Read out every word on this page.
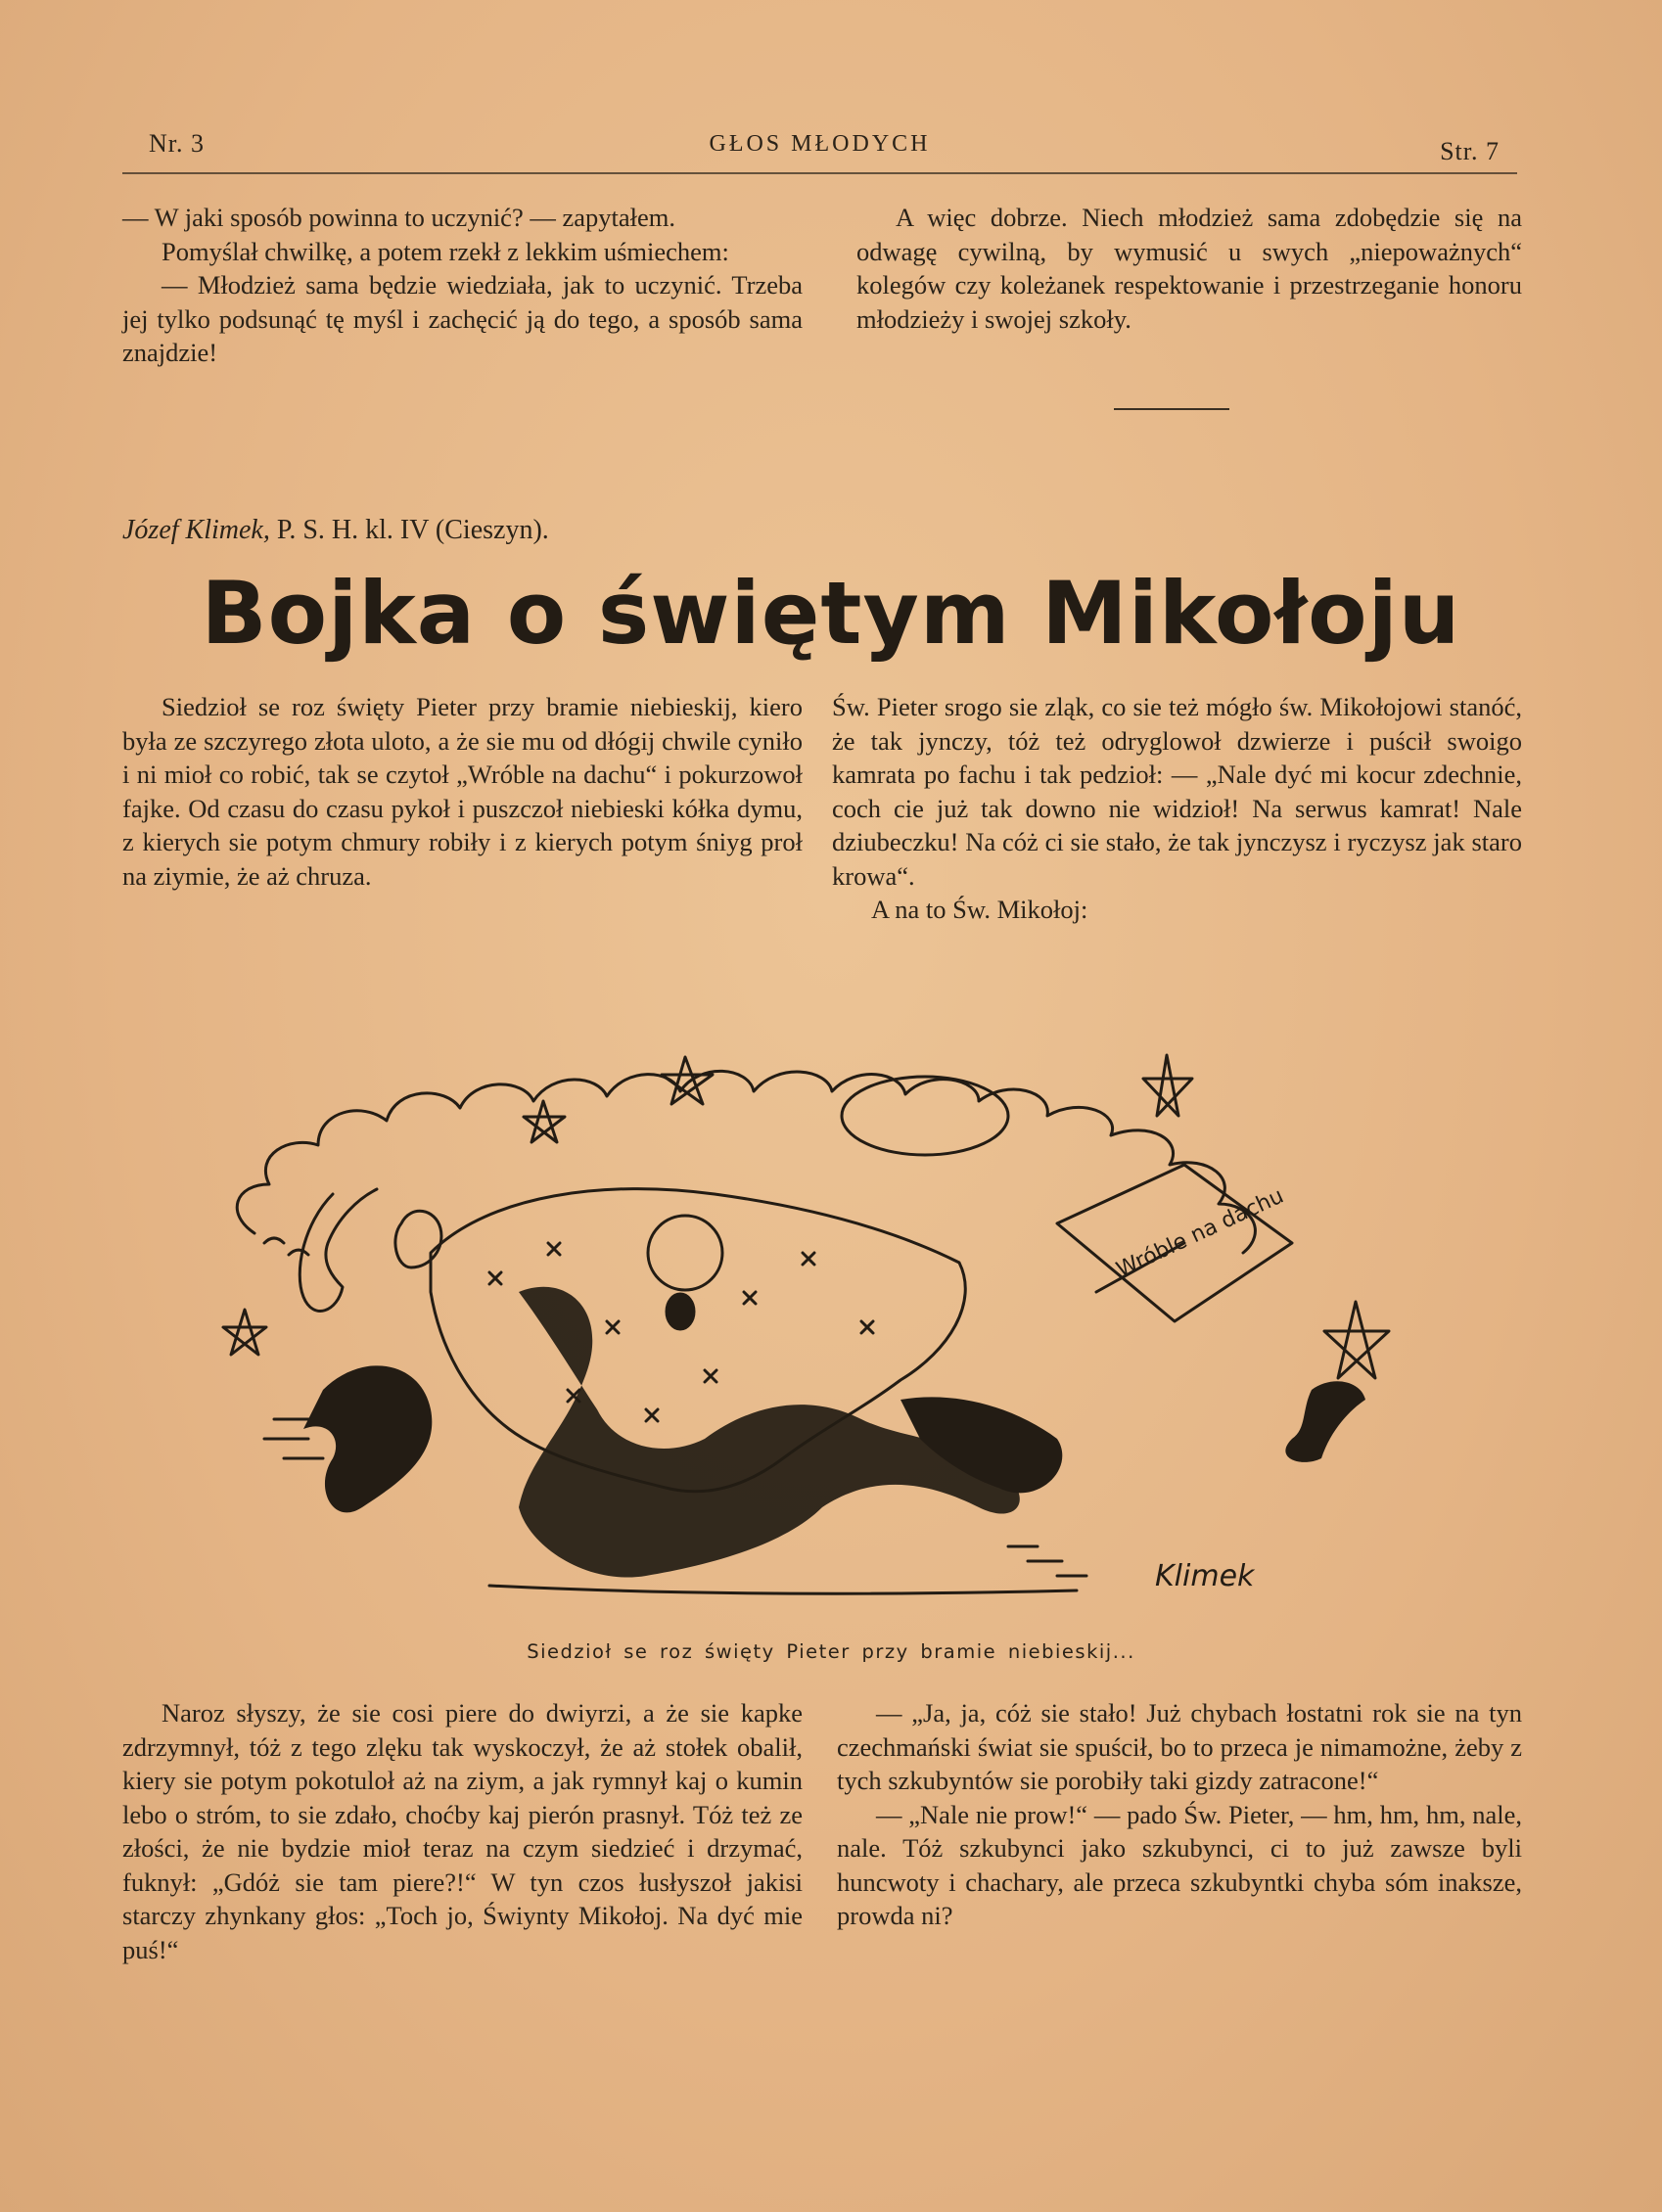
Nr. 3	GŁOS MŁODYCH	Str. 7

— W jaki sposób powinna to uczynić? — zapytałem.

Pomyślał chwilkę, a potem rzekł z lekkim uśmiechem:

— Młodzież sama będzie wiedziała, jak to uczynić. Trzeba jej tylko podsunąć tę myśl i zachęcić ją do tego, a sposób sama znajdzie!

A więc dobrze. Niech młodzież sama zdobędzie się na odwagę cywilną, by wymusić u swych „niepoważnych“ kolegów czy koleżanek respektowanie i przestrzeganie honoru młodzieży i swojej szkoły.

Józef Klimek, P. S. H. kl. IV (Cieszyn).
Bojka o świętym Mikołoju

Siedzioł se roz święty Pieter przy bramie niebieskij, kiero była ze szczyrego złota uloto, a że sie mu od dłógij chwile cyniło i ni mioł co robić, tak se czytoł „Wróble na dachu“ i pokurzowoł fajke. Od czasu do czasu pykoł i puszczoł niebieski kółka dymu, z kierych sie potym chmury robiły i z kierych potym śniyg proł na ziymie, że aż chruza.

Św. Pieter srogo sie zląk, co sie też mógło św. Mikołojowi stanóć, że tak jynczy, tóż też odryglowoł dzwierze i puścił swoigo kamrata po fachu i tak pedzioł: — „Nale dyć mi kocur zdechnie, coch cie już tak downo nie widzioł! Na serwus kamrat! Nale dziubeczku! Na cóż ci sie stało, że tak jynczysz i ryczysz jak staro krowa“.

A na to Św. Mikołoj:

Wróble na dachu
Klimek
Siedzioł se roz święty Pieter przy bramie niebieskij...

Naroz słyszy, że sie cosi piere do dwiyrzi, a że sie kapke zdrzymnył, tóż z tego zlęku tak wyskoczył, że aż stołek obalił, kiery sie potym pokotuloł aż na ziym, a jak rymnył kaj o kumin lebo o stróm, to sie zdało, choćby kaj pierón prasnył. Tóż też ze złości, że nie bydzie mioł teraz na czym siedzieć i drzymać, fuknył: „Gdóż sie tam piere?!“ W tyn czos łusłyszoł jakisi starczy zhynkany głos: „Toch jo, Świynty Mikołoj. Na dyć mie puś!“

— „Ja, ja, cóż sie stało! Już chybach łostatni rok sie na tyn czechmański świat sie spuścił, bo to przeca je nimamożne, żeby z tych szkubyntów sie porobiły taki gizdy zatracone!“

— „Nale nie prow!“ — pado Św. Pieter, — hm, hm, hm, nale, nale. Tóż szkubynci jako szkubynci, ci to już zawsze byli huncwoty i chachary, ale przeca szkubyntki chyba sóm inaksze, prowda ni?
